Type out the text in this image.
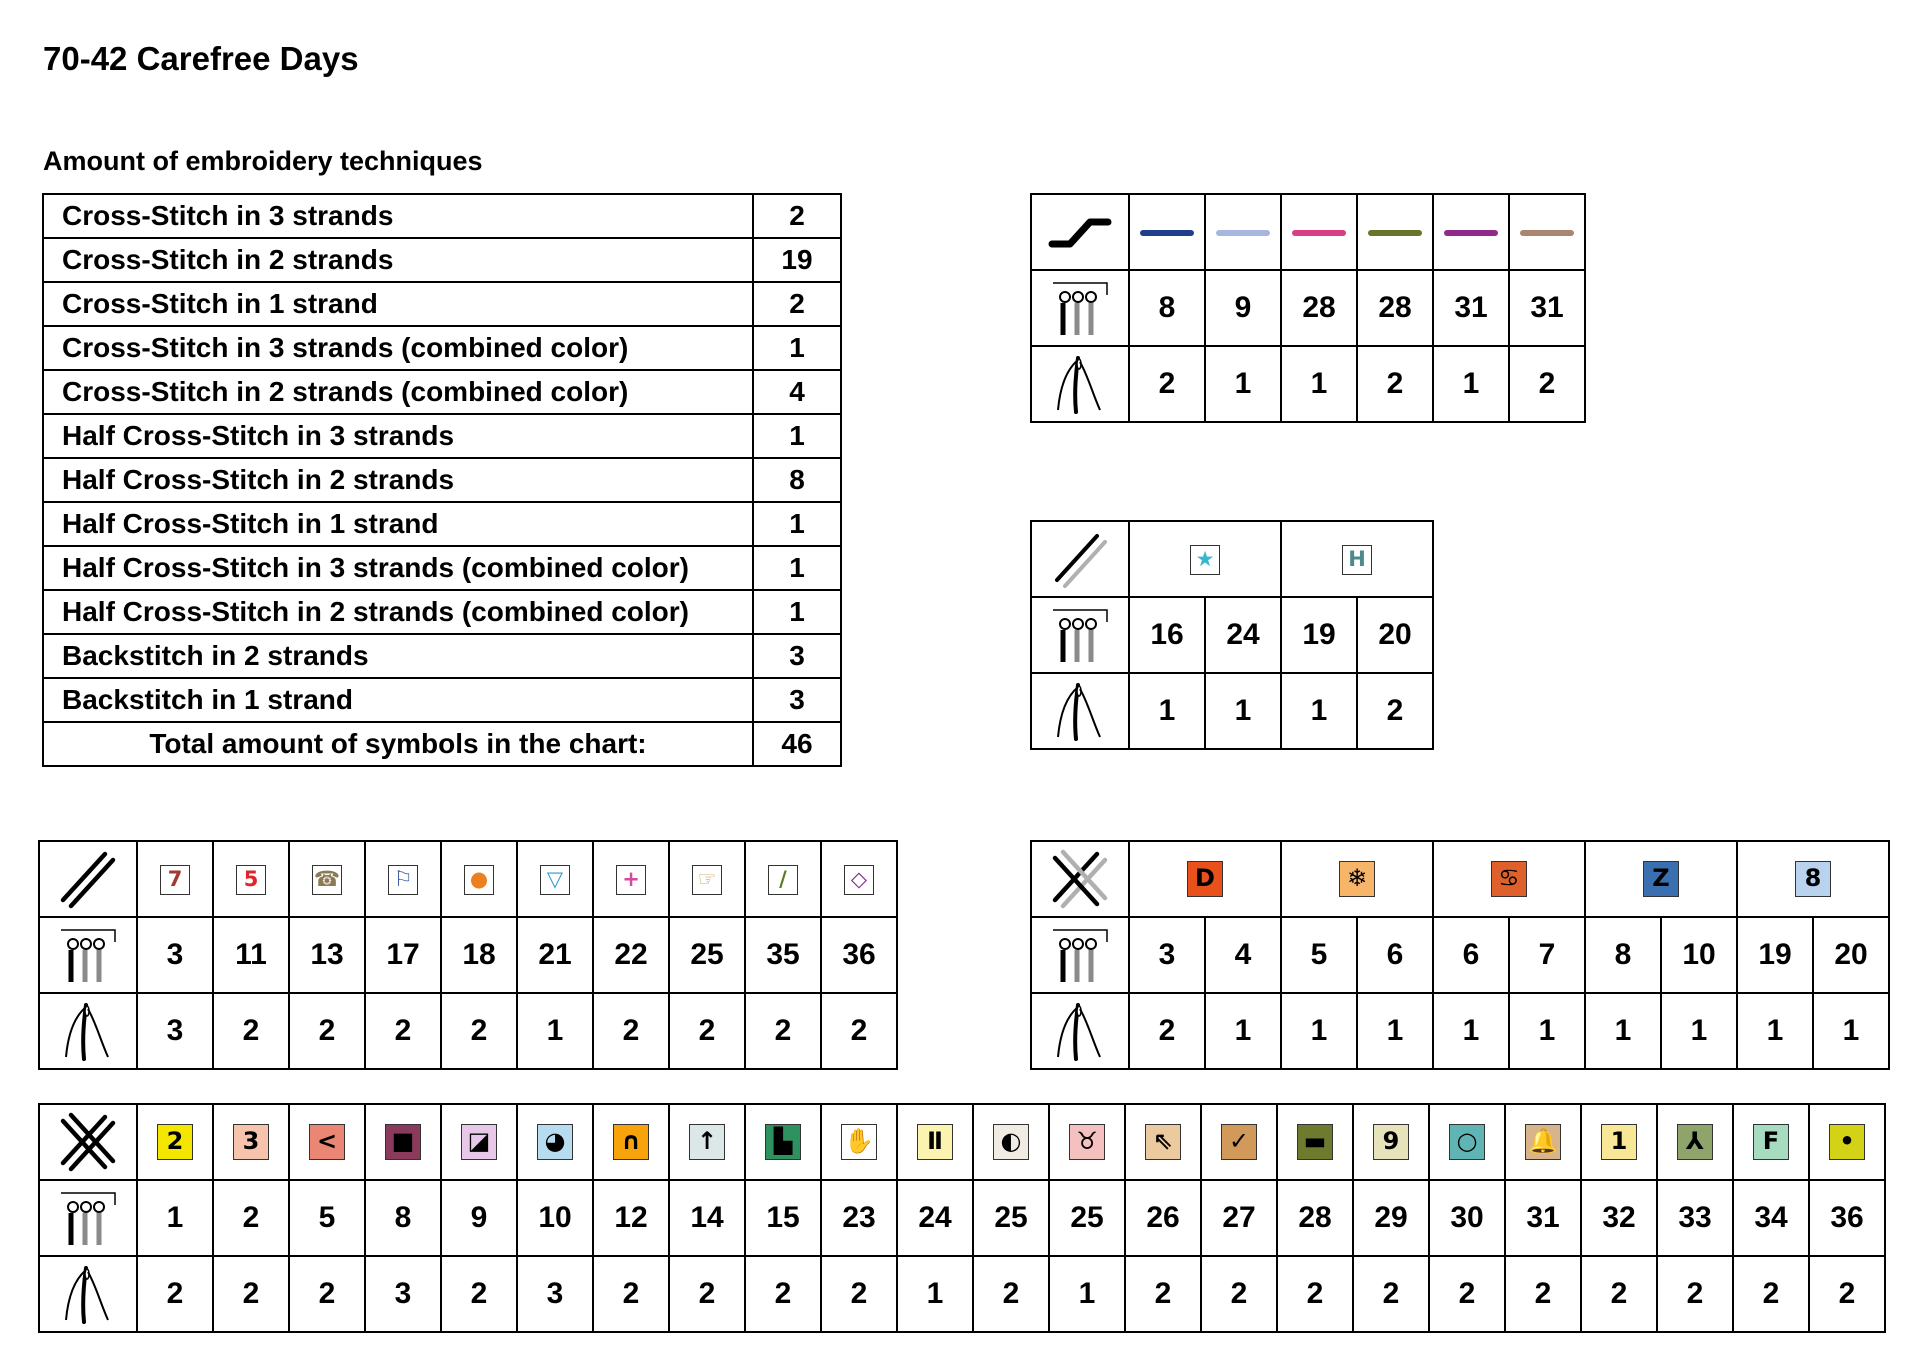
70-42 Carefree Days
Amount of embroidery techniques
Cross-Stitch in 3 strands	2
Cross-Stitch in 2 strands	19
Cross-Stitch in 1 strand	2
Cross-Stitch in 3 strands (combined color)	1
Cross-Stitch in 2 strands (combined color)	4
Half Cross-Stitch in 3 strands	1
Half Cross-Stitch in 2 strands	8
Half Cross-Stitch in 1 strand	1
Half Cross-Stitch in 3 strands (combined color)	1
Half Cross-Stitch in 2 strands (combined color)	1
Backstitch in 2 strands	3
Backstitch in 1 strand	3
Total amount of symbols in the chart:	46

	8	9	28	28	31	31

	2	1	1	2	1	2
	★		H	

	16	24	19	20

	1	1	1	2
	7	5	☎	⚐	●	▽	+	☞	/	◇

	3	11	13	17	18	21	22	25	35	36

	3	2	2	2	2	1	2	2	2	2
	D		❄		♋		Z		8	

	3	4	5	6	6	7	8	10	19	20

	2	1	1	1	1	1	1	1	1	1
	2	3	<	■	◪	◕	∩	↑	▙	✋	Ⅱ	◐	♉	⇖	✓	▬	9	○	🔔	1	⅄	F	•

	1	2	5	8	9	10	12	14	15	23	24	25	25	26	27	28	29	30	31	32	33	34	36

	2	2	2	3	2	3	2	2	2	2	1	2	1	2	2	2	2	2	2	2	2	2	2
